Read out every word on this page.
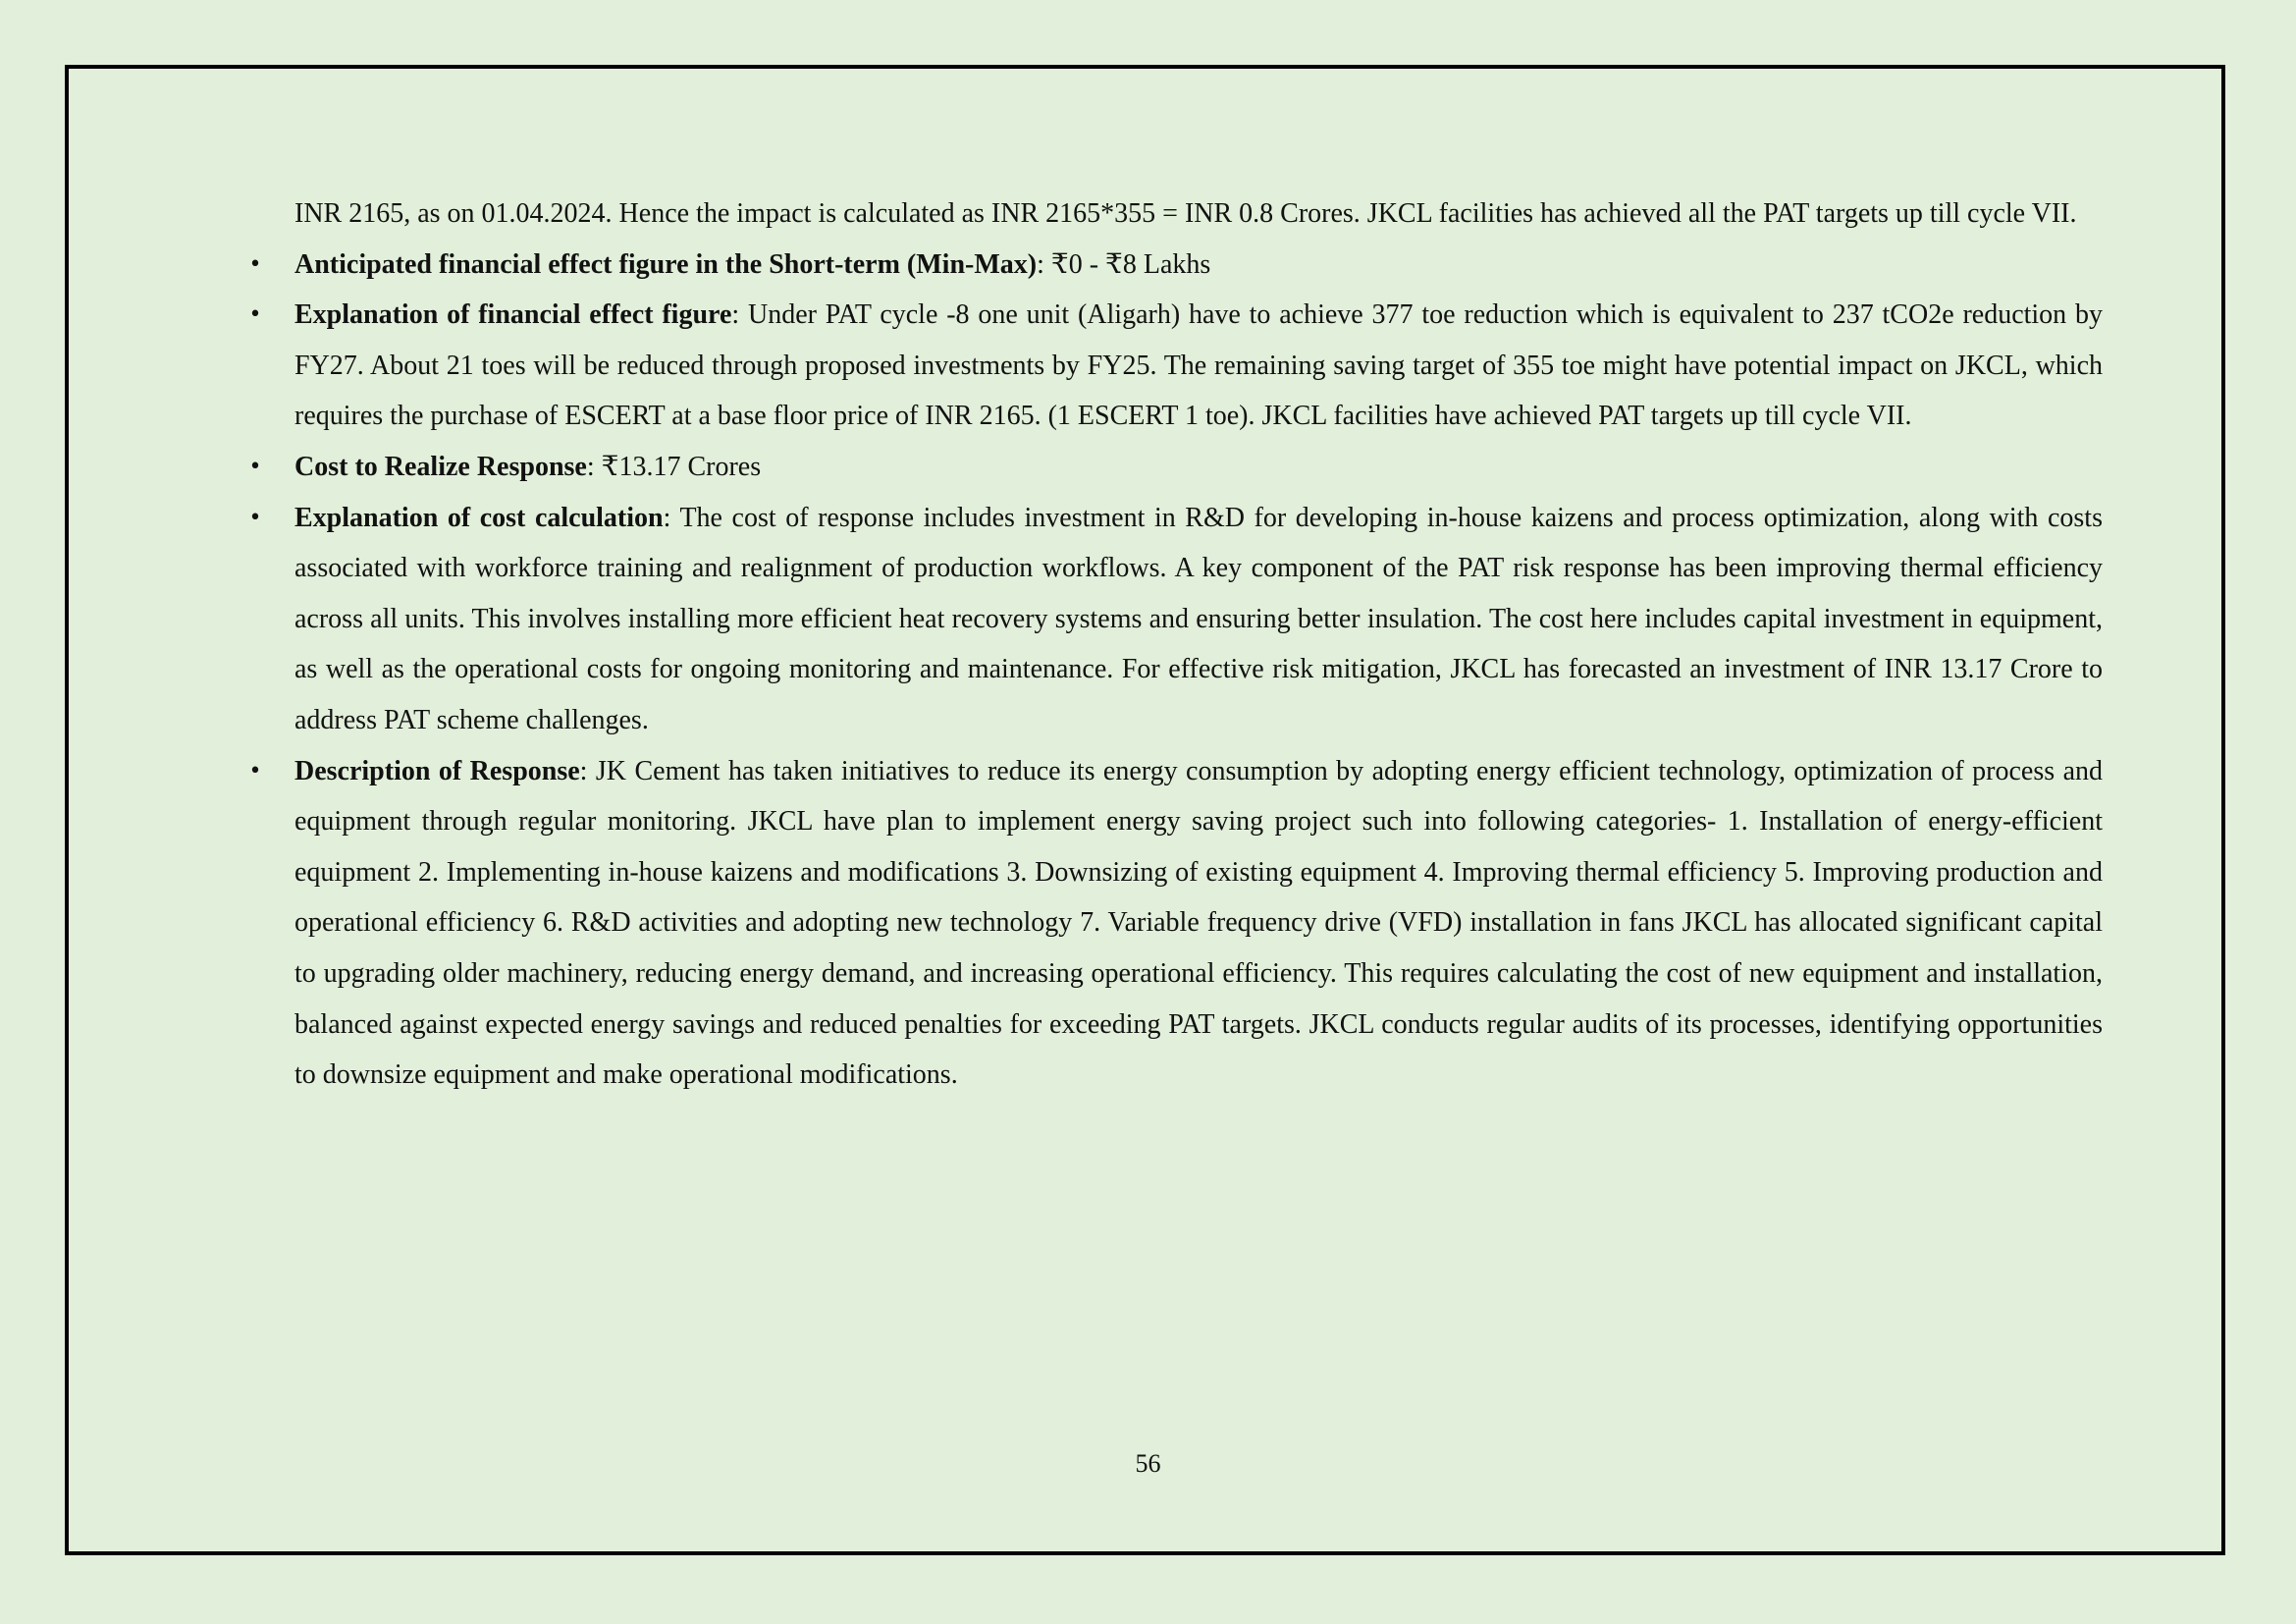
INR 2165, as on 01.04.2024. Hence the impact is calculated as INR 2165*355 = INR 0.8 Crores. JKCL facilities has achieved all the PAT targets up till cycle VII.

• Anticipated financial effect figure in the Short-term (Min-Max): ₹0 - ₹8 Lakhs
• Explanation of financial effect figure: Under PAT cycle -8 one unit (Aligarh) have to achieve 377 toe reduction which is equivalent to 237 tCO2e reduction by FY27. About 21 toes will be reduced through proposed investments by FY25. The remaining saving target of 355 toe might have potential impact on JKCL, which requires the purchase of ESCERT at a base floor price of INR 2165. (1 ESCERT 1 toe). JKCL facilities have achieved PAT targets up till cycle VII.
• Cost to Realize Response: ₹13.17 Crores
• Explanation of cost calculation: The cost of response includes investment in R&D for developing in-house kaizens and process optimization, along with costs associated with workforce training and realignment of production workflows. A key component of the PAT risk response has been improving thermal efficiency across all units. This involves installing more efficient heat recovery systems and ensuring better insulation. The cost here includes capital investment in equipment, as well as the operational costs for ongoing monitoring and maintenance. For effective risk mitigation, JKCL has forecasted an investment of INR 13.17 Crore to address PAT scheme challenges.
• Description of Response: JK Cement has taken initiatives to reduce its energy consumption by adopting energy efficient technology, optimization of process and equipment through regular monitoring. JKCL have plan to implement energy saving project such into following categories- 1. Installation of energy-efficient equipment 2. Implementing in-house kaizens and modifications 3. Downsizing of existing equipment 4. Improving thermal efficiency 5. Improving production and operational efficiency 6. R&D activities and adopting new technology 7. Variable frequency drive (VFD) installation in fans JKCL has allocated significant capital to upgrading older machinery, reducing energy demand, and increasing operational efficiency. This requires calculating the cost of new equipment and installation, balanced against expected energy savings and reduced penalties for exceeding PAT targets. JKCL conducts regular audits of its processes, identifying opportunities to downsize equipment and make operational modifications.
56
